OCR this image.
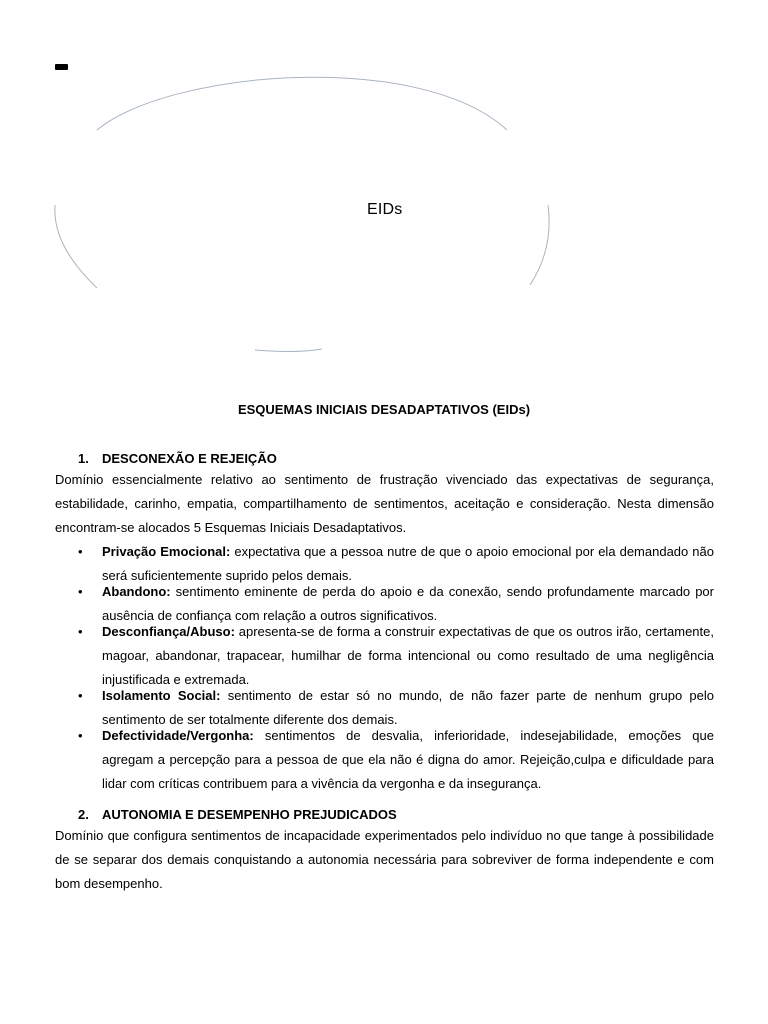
EIDs
ESQUEMAS INICIAIS DESADAPTATIVOS (EIDs)
1. DESCONEXÃO E REJEIÇÃO
Domínio essencialmente relativo ao sentimento de frustração vivenciado das expectativas de segurança, estabilidade, carinho, empatia, compartilhamento de sentimentos, aceitação e consideração. Nesta dimensão encontram-se alocados 5 Esquemas Iniciais Desadaptativos.
•	Privação Emocional: expectativa que a pessoa nutre de que o apoio emocional por ela demandado não será suficientemente suprido pelos demais.
•	Abandono: sentimento eminente de perda do apoio e da conexão, sendo profundamente marcado por ausência de confiança com relação a outros significativos.
•	Desconfiança/Abuso: apresenta-se de forma a construir expectativas de que os outros irão, certamente, magoar, abandonar, trapacear, humilhar de forma intencional ou como resultado de uma negligência injustificada e extremada.
•	Isolamento Social: sentimento de estar só no mundo, de não fazer parte de nenhum grupo pelo sentimento de ser totalmente diferente dos demais.
•	Defectividade/Vergonha: sentimentos de desvalia, inferioridade, indesejabilidade, emoções que agregam a percepção para a pessoa de que ela não é digna do amor. Rejeição,culpa e dificuldade para lidar com críticas contribuem para a vivência da vergonha e da insegurança.
2. AUTONOMIA E DESEMPENHO PREJUDICADOS
Domínio que configura sentimentos de incapacidade experimentados pelo indivíduo no que tange à possibilidade de se separar dos demais conquistando a autonomia necessária para sobreviver de forma independente e com bom desempenho.
